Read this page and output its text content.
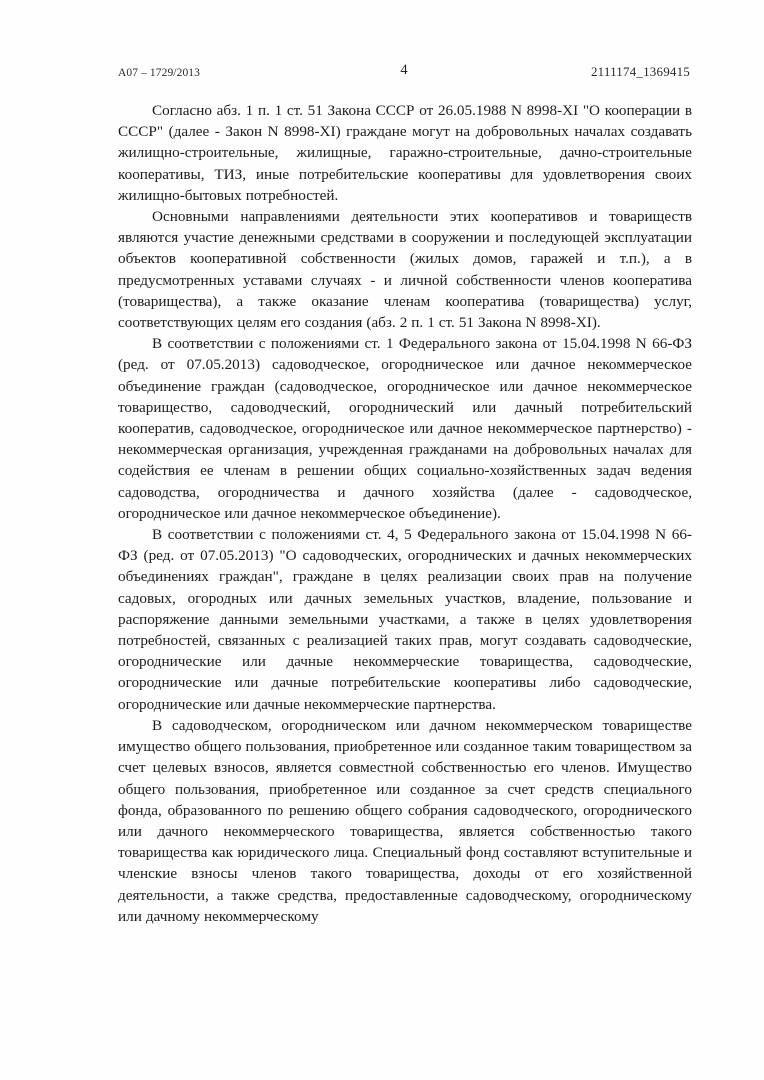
A07 – 1729/2013	4	2111174_1369415

Согласно абз. 1 п. 1 ст. 51 Закона СССР от 26.05.1988 N 8998-XI "О кооперации в СССР" (далее - Закон N 8998-XI) граждане могут на добровольных началах создавать жилищно-строительные, жилищные, гаражно-строительные, дачно-строительные кооперативы, ТИЗ, иные потребительские кооперативы для удовлетворения своих жилищно-бытовых потребностей.

Основными направлениями деятельности этих кооперативов и товариществ являются участие денежными средствами в сооружении и последующей эксплуатации объектов кооперативной собственности (жилых домов, гаражей и т.п.), а в предусмотренных уставами случаях - и личной собственности членов кооператива (товарищества), а также оказание членам кооператива (товарищества) услуг, соответствующих целям его создания (абз. 2 п. 1 ст. 51 Закона N 8998-XI).

В соответствии с положениями ст. 1 Федерального закона от 15.04.1998 N 66-ФЗ (ред. от 07.05.2013) садоводческое, огородническое или дачное некоммерческое объединение граждан (садоводческое, огородническое или дачное некоммерческое товарищество, садоводческий, огороднический или дачный потребительский кооператив, садоводческое, огородническое или дачное некоммерческое партнерство) - некоммерческая организация, учрежденная гражданами на добровольных началах для содействия ее членам в решении общих социально-хозяйственных задач ведения садоводства, огородничества и дачного хозяйства (далее - садоводческое, огородническое или дачное некоммерческое объединение).

В соответствии с положениями ст. 4, 5 Федерального закона от 15.04.1998 N 66-ФЗ (ред. от 07.05.2013) "О садоводческих, огороднических и дачных некоммерческих объединениях граждан", граждане в целях реализации своих прав на получение садовых, огородных или дачных земельных участков, владение, пользование и распоряжение данными земельными участками, а также в целях удовлетворения потребностей, связанных с реализацией таких прав, могут создавать садоводческие, огороднические или дачные некоммерческие товарищества, садоводческие, огороднические или дачные потребительские кооперативы либо садоводческие, огороднические или дачные некоммерческие партнерства.

В садоводческом, огородническом или дачном некоммерческом товариществе имущество общего пользования, приобретенное или созданное таким товариществом за счет целевых взносов, является совместной собственностью его членов. Имущество общего пользования, приобретенное или созданное за счет средств специального фонда, образованного по решению общего собрания садоводческого, огороднического или дачного некоммерческого товарищества, является собственностью такого товарищества как юридического лица. Специальный фонд составляют вступительные и членские взносы членов такого товарищества, доходы от его хозяйственной деятельности, а также средства, предоставленные садоводческому, огородническому или дачному некоммерческому
